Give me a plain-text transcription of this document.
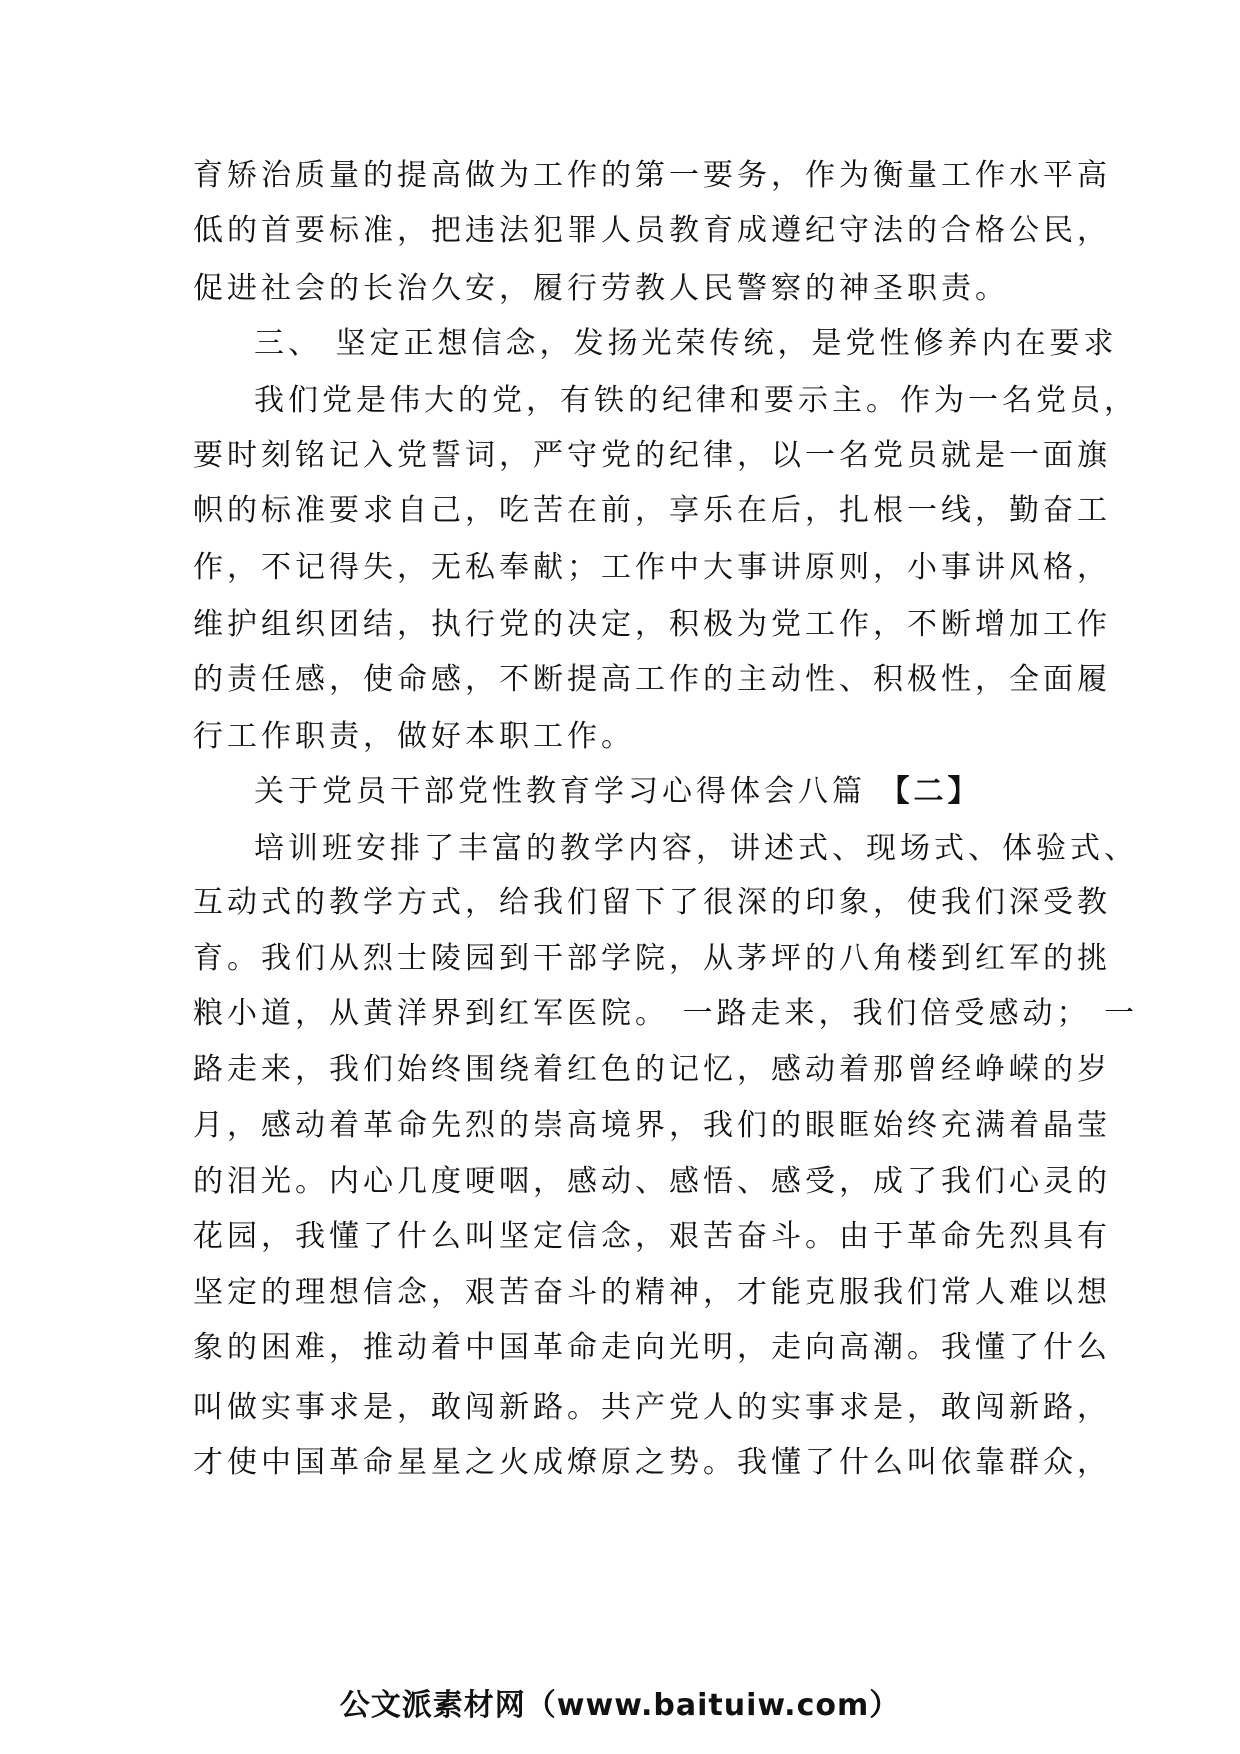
育矫治质量的提高做为工作的第一要务，作为衡量工作水平高
低的首要标准，把违法犯罪人员教育成遵纪守法的合格公民，
促进社会的长治久安，履行劳教人民警察的神圣职责。
三、 坚定正想信念，发扬光荣传统，是党性修养内在要求
我们党是伟大的党，有铁的纪律和要示主。作为一名党员，
要时刻铭记入党誓词，严守党的纪律，以一名党员就是一面旗
帜的标准要求自己，吃苦在前，享乐在后，扎根一线，勤奋工
作，不记得失，无私奉献；工作中大事讲原则，小事讲风格，
维护组织团结，执行党的决定，积极为党工作，不断增加工作
的责任感，使命感，不断提高工作的主动性、积极性，全面履
行工作职责，做好本职工作。
关于党员干部党性教育学习心得体会八篇 【二】
培训班安排了丰富的教学内容，讲述式、现场式、体验式、
互动式的教学方式，给我们留下了很深的印象，使我们深受教
育。我们从烈士陵园到干部学院，从茅坪的八角楼到红军的挑
粮小道，从黄洋界到红军医院。 一路走来，我们倍受感动； 一
路走来，我们始终围绕着红色的记忆，感动着那曾经峥嵘的岁
月，感动着革命先烈的崇高境界，我们的眼眶始终充满着晶莹
的泪光。内心几度哽咽，感动、感悟、感受，成了我们心灵的
花园，我懂了什么叫坚定信念，艰苦奋斗。由于革命先烈具有
坚定的理想信念，艰苦奋斗的精神，才能克服我们常人难以想
象的困难，推动着中国革命走向光明，走向高潮。我懂了什么
叫做实事求是，敢闯新路。共产党人的实事求是，敢闯新路，
才使中国革命星星之火成燎原之势。我懂了什么叫依靠群众，
公文派素材网（www.baituiw.com）
